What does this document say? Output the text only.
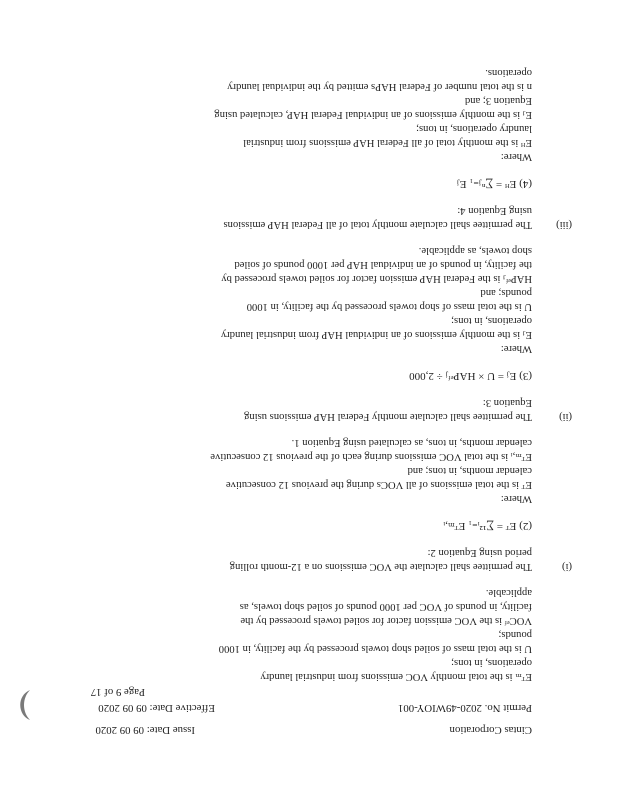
Cintas Corporation
Issue Date: 09 09 2020
Permit No. 2020-49WIOY-001
Effective Date: 09 09 2020
Page 9 of 17
Eᵀₘ is the total monthly VOC emissions from industrial laundry
operations, in tons;
U is the total mass of soiled shop towels processed by the facility, in 1000
pounds;
VOCᵉᶠ is the VOC emission factor for soiled towels processed by the
facility, in pounds of VOC per 1000 pounds of soiled shop towels, as
applicable.
(i)
The permittee shall calculate the VOC emissions on a 12-month rolling
period using Equation 2:
(2) Eᵀ = ∑¹²ᵢ₌₁ Eᵀₘ,ᵢ
Where:
Eᵀ is the total emissions of all VOCs during the previous 12 consecutive
calendar months, in tons; and
Eᵀₘ,ᵢ is the total VOC emissions during each of the previous 12 consecutive
calendar months, in tons, as calculated using Equation 1.
(ii)
The permittee shall calculate monthly Federal HAP emissions using
Equation 3:
(3) Eⱼ = U × HAPᵉᶠⱼ ÷ 2,000
Where:
Eⱼ is the monthly emissions of an individual HAP from industrial laundry
operations, in tons;
U is the total mass of shop towels processed by the facility, in 1000
pounds; and
HAPᵉᶠⱼ is the Federal HAP emission factor for soiled towels processed by
the facility, in pounds of an individual HAP per 1000 pounds of soiled
shop towels, as applicable.
(iii)
The permittee shall calculate monthly total of all Federal HAP emissions
using Equation 4:
(4) Eᴴ = ∑ⁿⱼ₌₁ Eⱼ
Where:
Eᴴ is the monthly total of all Federal HAP emissions from industrial
laundry operations, in tons;
Eⱼ is the monthly emissions of an individual Federal HAP, calculated using
Equation 3; and
n is the total number of Federal HAPs emitted by the individual laundry
operations.
